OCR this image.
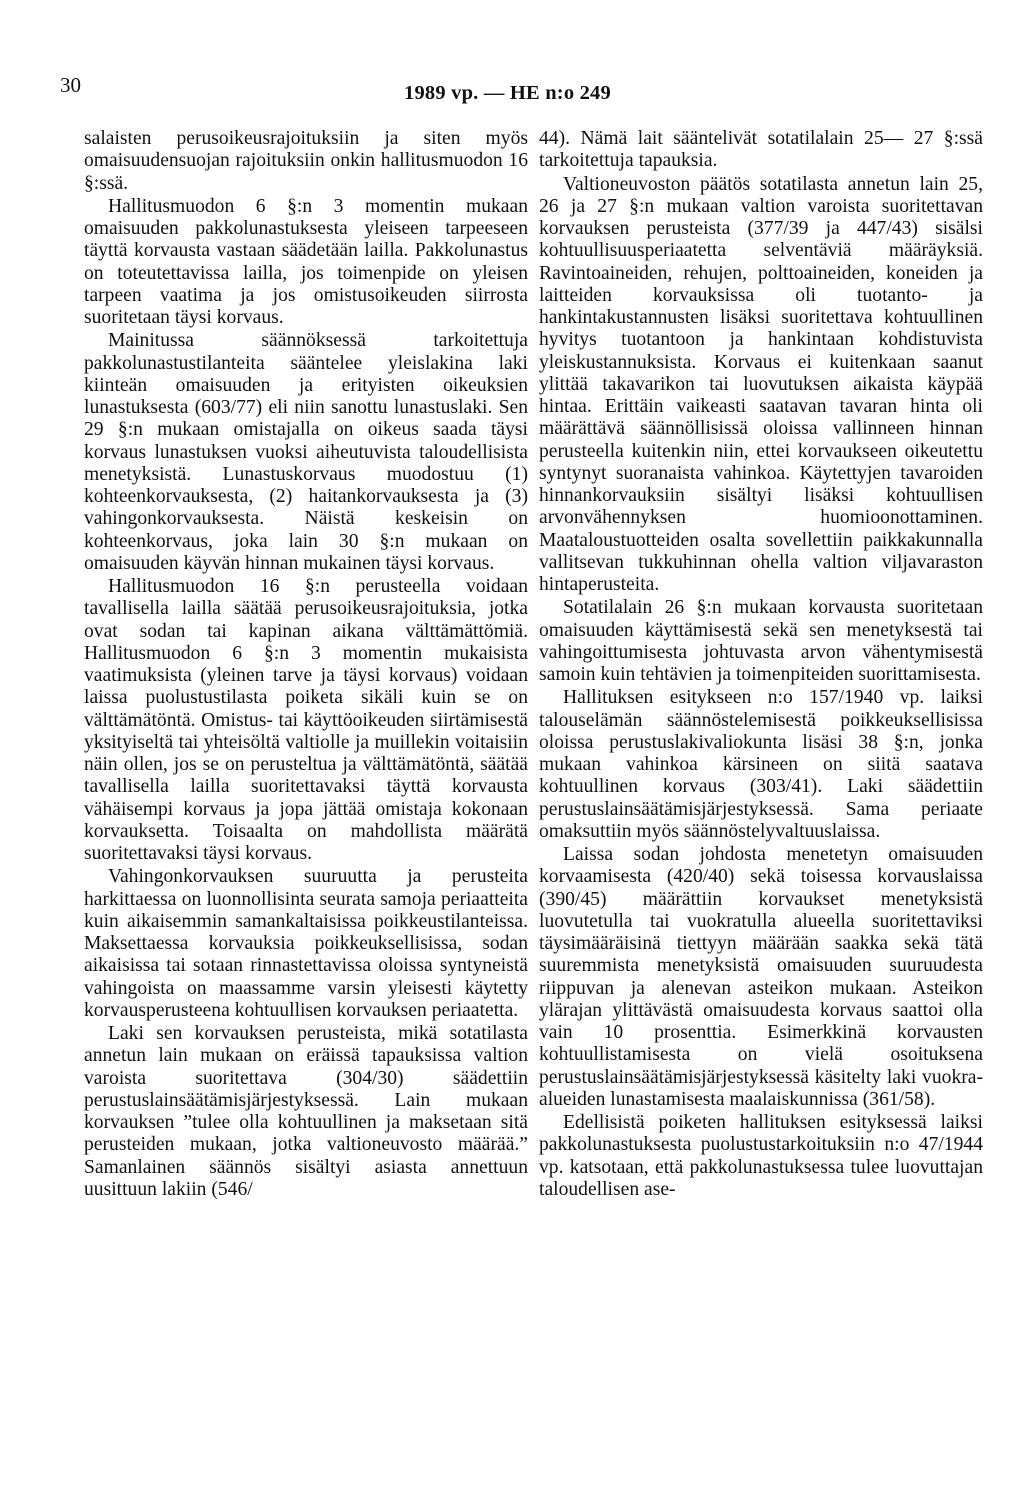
30	1989 vp. — HE n:o 249

salaisten perusoikeusrajoituksiin ja siten myös omaisuudensuojan rajoituksiin onkin hallitusmuodon 16 §:ssä.

Hallitusmuodon 6 §:n 3 momentin mukaan omaisuuden pakkolunastuksesta yleiseen tarpeeseen täyttä korvausta vastaan säädetään lailla. Pakkolunastus on toteutettavissa lailla, jos toimenpide on yleisen tarpeen vaatima ja jos omistusoikeuden siirrosta suoritetaan täysi korvaus.

Mainitussa säännöksessä tarkoitettuja pakkolunastustilanteita sääntelee yleislakina laki kiinteän omaisuuden ja erityisten oikeuksien lunastuksesta (603/77) eli niin sanottu lunastuslaki. Sen 29 §:n mukaan omistajalla on oikeus saada täysi korvaus lunastuksen vuoksi aiheutuvista taloudellisista menetyksistä. Lunastuskorvaus muodostuu (1) kohteenkorvauksesta, (2) haitankorvauksesta ja (3) vahingonkorvauksesta. Näistä keskeisin on kohteenkorvaus, joka lain 30 §:n mukaan on omaisuuden käyvän hinnan mukainen täysi korvaus.

Hallitusmuodon 16 §:n perusteella voidaan tavallisella lailla säätää perusoikeusrajoituksia, jotka ovat sodan tai kapinan aikana välttämättömiä. Hallitusmuodon 6 §:n 3 momentin mukaisista vaatimuksista (yleinen tarve ja täysi korvaus) voidaan laissa puolustustilasta poiketa sikäli kuin se on välttämätöntä. Omistus- tai käyttöoikeuden siirtämisestä yksityiseltä tai yhteisöltä valtiolle ja muillekin voitaisiin näin ollen, jos se on perusteltua ja välttämätöntä, säätää tavallisella lailla suoritettavaksi täyttä korvausta vähäisempi korvaus ja jopa jättää omistaja kokonaan korvauksetta. Toisaalta on mahdollista määrätä suoritettavaksi täysi korvaus.

Vahingonkorvauksen suuruutta ja perusteita harkittaessa on luonnollisinta seurata samoja periaatteita kuin aikaisemmin samankaltaisissa poikkeustilanteissa. Maksettaessa korvauksia poikkeuksellisissa, sodan aikaisissa tai sotaan rinnastettavissa oloissa syntyneistä vahingoista on maassamme varsin yleisesti käytetty korvausperusteena kohtuullisen korvauksen periaatetta.

Laki sen korvauksen perusteista, mikä sotatilasta annetun lain mukaan on eräissä tapauksissa valtion varoista suoritettava (304/30) säädettiin perustuslainsäätämisjärjestyksessä. Lain mukaan korvauksen ”tulee olla kohtuullinen ja maksetaan sitä perusteiden mukaan, jotka valtioneuvosto määrää.” Samanlainen säännös sisältyi asiasta annettuun uusittuun lakiin (546/

44). Nämä lait sääntelivät sotatilalain 25— 27 §:ssä tarkoitettuja tapauksia.

Valtioneuvoston päätös sotatilasta annetun lain 25, 26 ja 27 §:n mukaan valtion varoista suoritettavan korvauksen perusteista (377/39 ja 447/43) sisälsi kohtuullisuusperiaatetta selventäviä määräyksiä. Ravintoaineiden, rehujen, polttoaineiden, koneiden ja laitteiden korvauksissa oli tuotanto- ja hankintakustannusten lisäksi suoritettava kohtuullinen hyvitys tuotantoon ja hankintaan kohdistuvista yleiskustannuksista. Korvaus ei kuitenkaan saanut ylittää takavarikon tai luovutuksen aikaista käypää hintaa. Erittäin vaikeasti saatavan tavaran hinta oli määrättävä säännöllisissä oloissa vallinneen hinnan perusteella kuitenkin niin, ettei korvaukseen oikeutettu syntynyt suoranaista vahinkoa. Käytettyjen tavaroiden hinnankorvauksiin sisältyi lisäksi kohtuullisen arvonvähennyksen huomioonottaminen. Maataloustuotteiden osalta sovellettiin paikkakunnalla vallitsevan tukkuhinnan ohella valtion viljavaraston hintaperusteita.

Sotatilalain 26 §:n mukaan korvausta suoritetaan omaisuuden käyttämisestä sekä sen menetyksestä tai vahingoittumisesta johtuvasta arvon vähentymisestä samoin kuin tehtävien ja toimenpiteiden suorittamisesta.

Hallituksen esitykseen n:o 157/1940 vp. laiksi talouselämän säännöstelemisestä poikkeuksellisissa oloissa perustuslakivaliokunta lisäsi 38 §:n, jonka mukaan vahinkoa kärsineen on siitä saatava kohtuullinen korvaus (303/41). Laki säädettiin perustuslainsäätämisjärjestyksessä. Sama periaate omaksuttiin myös säännöstelyvaltuuslaissa.

Laissa sodan johdosta menetetyn omaisuuden korvaamisesta (420/40) sekä toisessa korvauslaissa (390/45) määrättiin korvaukset menetyksistä luovutetulla tai vuokratulla alueella suoritettaviksi täysimääräisinä tiettyyn määrään saakka sekä tätä suuremmista menetyksistä omaisuuden suuruudesta riippuvan ja alenevan asteikon mukaan. Asteikon ylärajan ylittävästä omaisuudesta korvaus saattoi olla vain 10 prosenttia. Esimerkkinä korvausten kohtuullistamisesta on vielä osoituksena perustuslainsäätämisjärjestyksessä käsitelty laki vuokra-alueiden lunastamisesta maalaiskunnissa (361/58).

Edellisistä poiketen hallituksen esityksessä laiksi pakkolunastuksesta puolustustarkoituksiin n:o 47/1944 vp. katsotaan, että pakkolunastuksessa tulee luovuttajan taloudellisen ase-
